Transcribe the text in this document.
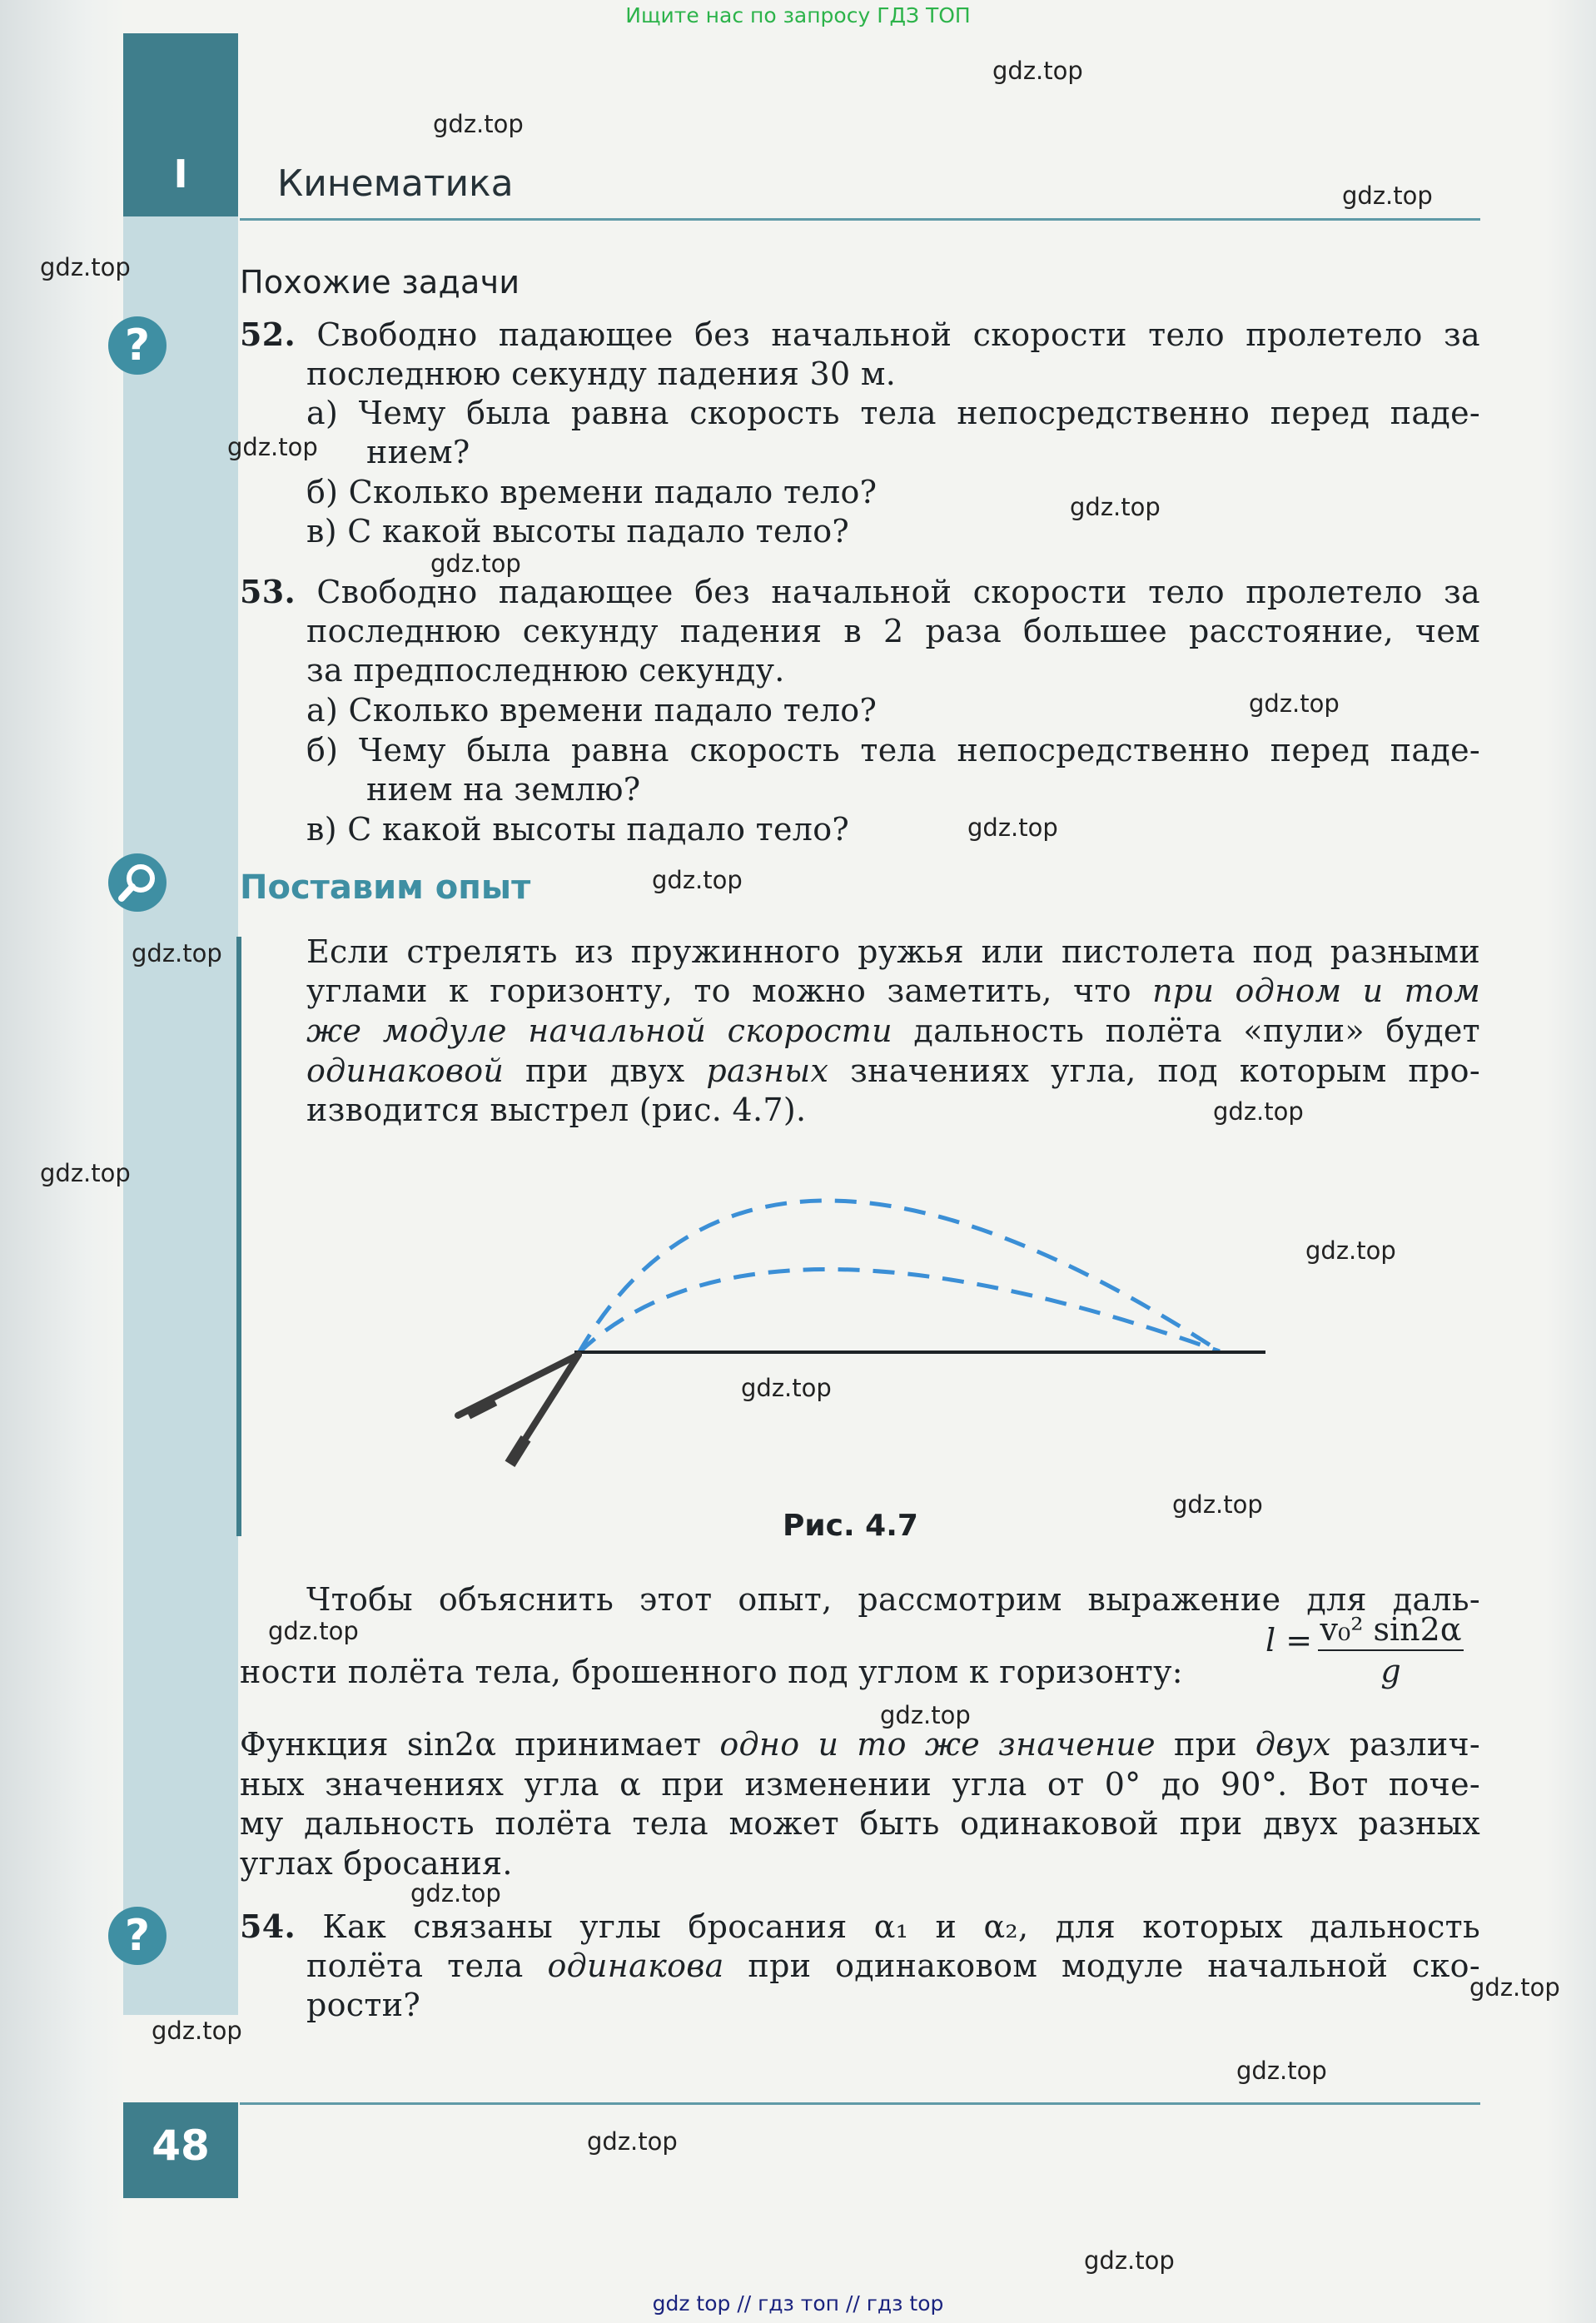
I	Кинематика
Ищите нас по запросу ГДЗ ТОП
gdz.top
gdz.top
gdz.top
gdz.top
gdz.top
gdz.top
gdz.top
gdz.top
gdz.top
gdz.top
gdz.top
gdz.top
gdz.top
gdz.top
gdz.top
gdz.top
gdz.top
gdz.top
gdz.top
gdz.top
gdz.top
gdz.top
gdz.top
gdz.top
Похожие задачи
?	52. Свободно падающее без начальной скорости тело пролетело за
последнюю секунду падения 30 м.
а) Чему была равна скорость тела непосредственно перед паде-
нием?
б) Сколько времени падало тело?
в) С какой высоты падало тело?
53. Свободно падающее без начальной скорости тело пролетело за
последнюю секунду падения в 2 раза большее расстояние, чем
за предпоследнюю секунду.
а) Сколько времени падало тело?
б) Чему была равна скорость тела непосредственно перед паде-
нием на землю?
в) С какой высоты падало тело?
Поставим опыт
Если стрелять из пружинного ружья или пистолета под разными
углами к горизонту, то можно заметить, что при одном и том
же модуле начальной скорости дальность полёта «пули» будет
одинаковой при двух разных значениях угла, под которым про-
изводится выстрел (рис. 4.7).
Рис. 4.7
Чтобы объяснить этот опыт, рассмотрим выражение для даль-
ности полёта тела, брошенного под углом к горизонту:
$l = \frac{\text{v₀² sin2α}}{g}$
Функция sin2α принимает одно и то же значение при двух различ-
ных значениях угла α при изменении угла от 0° до 90°. Вот поче-
му дальность полёта тела может быть одинаковой при двух разных
углах бросания.
?	54. Как связаны углы бросания α₁ и α₂, для которых дальность
полёта тела одинакова при одинаковом модуле начальной ско-
рости?
48
gdz top // гдз топ // гдз top
